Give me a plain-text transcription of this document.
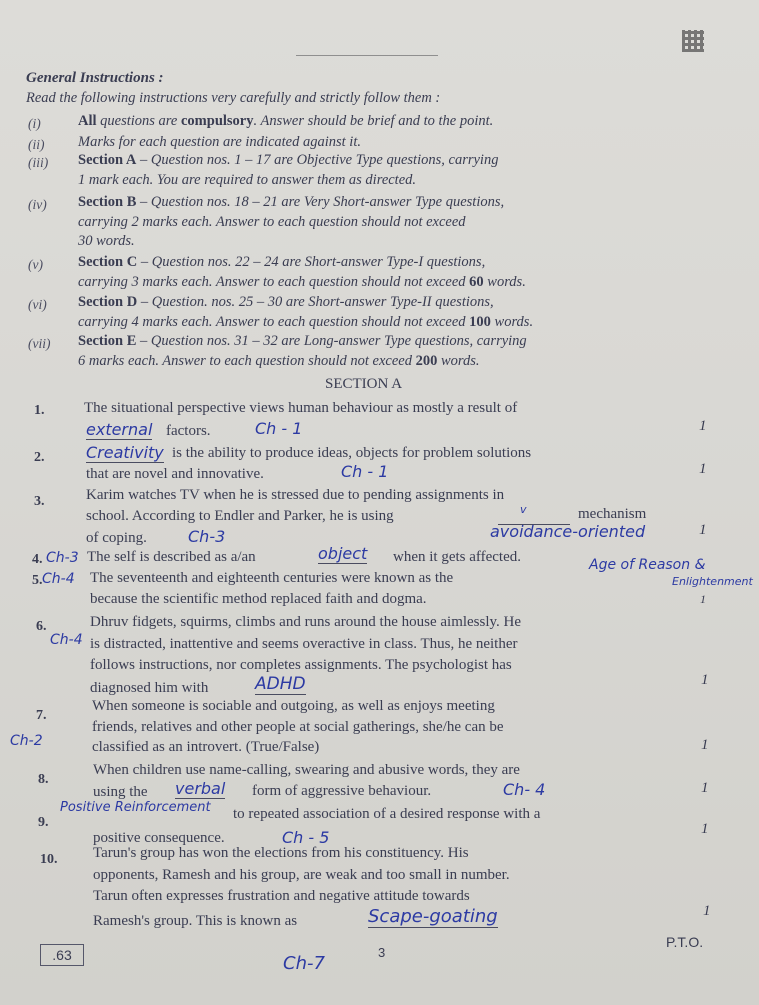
General Instructions :
Read the following instructions very carefully and strictly follow them :
(i)	All questions are compulsory. Answer should be brief and to the point.
(ii) Marks for each question are indicated against it.
(iii) Section A – Question nos. 1 – 17 are Objective Type questions, carrying
1 mark each. You are required to answer them as directed.
(iv) Section B – Question nos. 18 – 21 are Very Short-answer Type questions,
carrying 2 marks each. Answer to each question should not exceed
30 words.
(v) Section C – Question nos. 22 – 24 are Short-answer Type-I questions,
carrying 3 marks each. Answer to each question should not exceed 60 words.
(vi) Section D – Question. nos. 25 – 30 are Short-answer Type-II questions,
carrying 4 marks each. Answer to each question should not exceed 100 words.
(vii) Section E – Question nos. 31 – 32 are Long-answer Type questions, carrying
6 marks each. Answer to each question should not exceed 200 words.
SECTION A
1.	The situational perspective views human behaviour as mostly a result of
external factors.	Ch - 1	1
2.	Creativity is the ability to produce ideas, objects for problem solutions
that are novel and innovative.	Ch - 1	1
3.	Karim watches TV when he is stressed due to pending assignments in
school. According to Endler and Parker, he is using	v	mechanism
of coping.	Ch-3	avoidance-oriented	1
4. Ch-3 The self is described as a/an	object when it gets affected.
5. Ch-4 The seventeenth and eighteenth centuries were known as the
Age of Reason &
Enlightenment
because the scientific method replaced faith and dogma.	1
6.
Ch-4
Dhruv fidgets, squirms, climbs and runs around the house aimlessly. He
is distracted, inattentive and seems overactive in class. Thus, he neither
follows instructions, nor completes assignments. The psychologist has
diagnosed him with	ADHD	1
7.
Ch-2
When someone is sociable and outgoing, as well as enjoys meeting
friends, relatives and other people at social gatherings, she/he can be
classified as an introvert. (True/False)	1
8.
When children use name-calling, swearing and abusive words, they are
using the verbal form of aggressive behaviour.	Ch- 4	1
9.
Positive Reinforcement to repeated association of a desired response with a
positive consequence.	Ch - 5	1
10. Tarun's group has won the elections from his constituency. His
opponents, Ramesh and his group, are weak and too small in number.
Tarun often expresses frustration and negative attitude towards
Ramesh's group. This is known as	Scape-goating	1
.63	Ch-7
3
P.T.O.
